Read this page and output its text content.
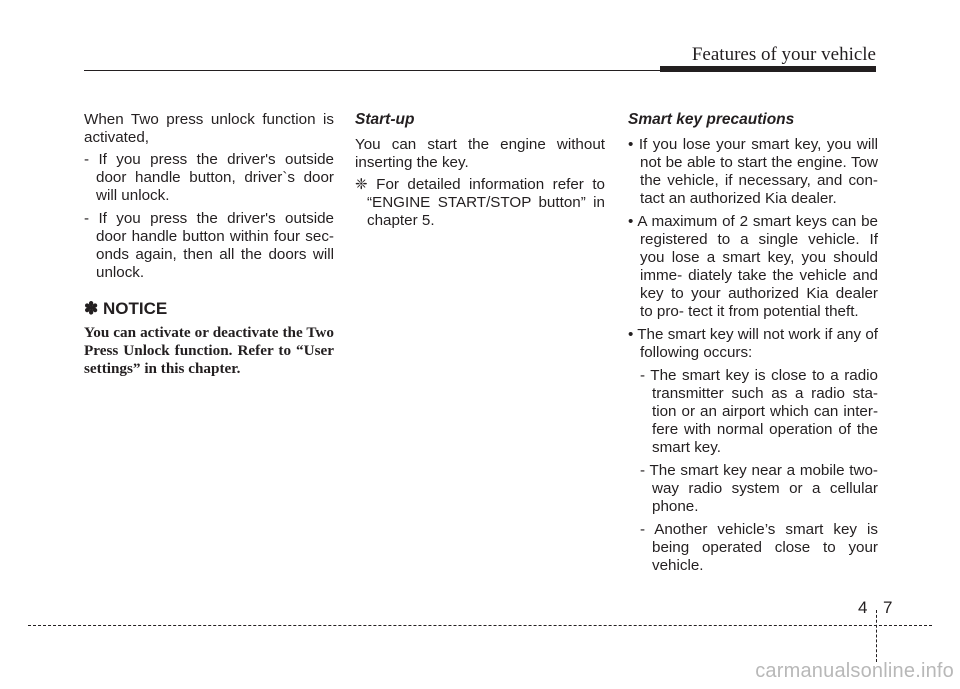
Features of your vehicle

When Two press unlock function is activated,

- If you press the driver's outside door handle button, driver`s door will unlock.

- If you press the driver's outside door handle button within four sec- onds again, then all the doors will unlock.

✽ NOTICE
You can activate or deactivate the Two Press Unlock function. Refer to “User settings” in this chapter.
Start-up

You can start the engine without inserting the key.

❈ For detailed information refer to “ENGINE START/STOP button” in chapter 5.

Smart key precautions

• If you lose your smart key, you will not be able to start the engine. Tow the vehicle, if necessary, and con- tact an authorized Kia dealer.

• A maximum of 2 smart keys can be registered to a single vehicle. If you lose a smart key, you should imme- diately take the vehicle and key to your authorized Kia dealer to pro- tect it from potential theft.

• The smart key will not work if any of following occurs:

- The smart key is close to a radio transmitter such as a radio sta- tion or an airport which can inter- fere with normal operation of the smart key.

- The smart key near a mobile two- way radio system or a cellular phone.

- Another vehicle’s smart key is being operated close to your vehicle.

4 7
carmanualsonline.info
